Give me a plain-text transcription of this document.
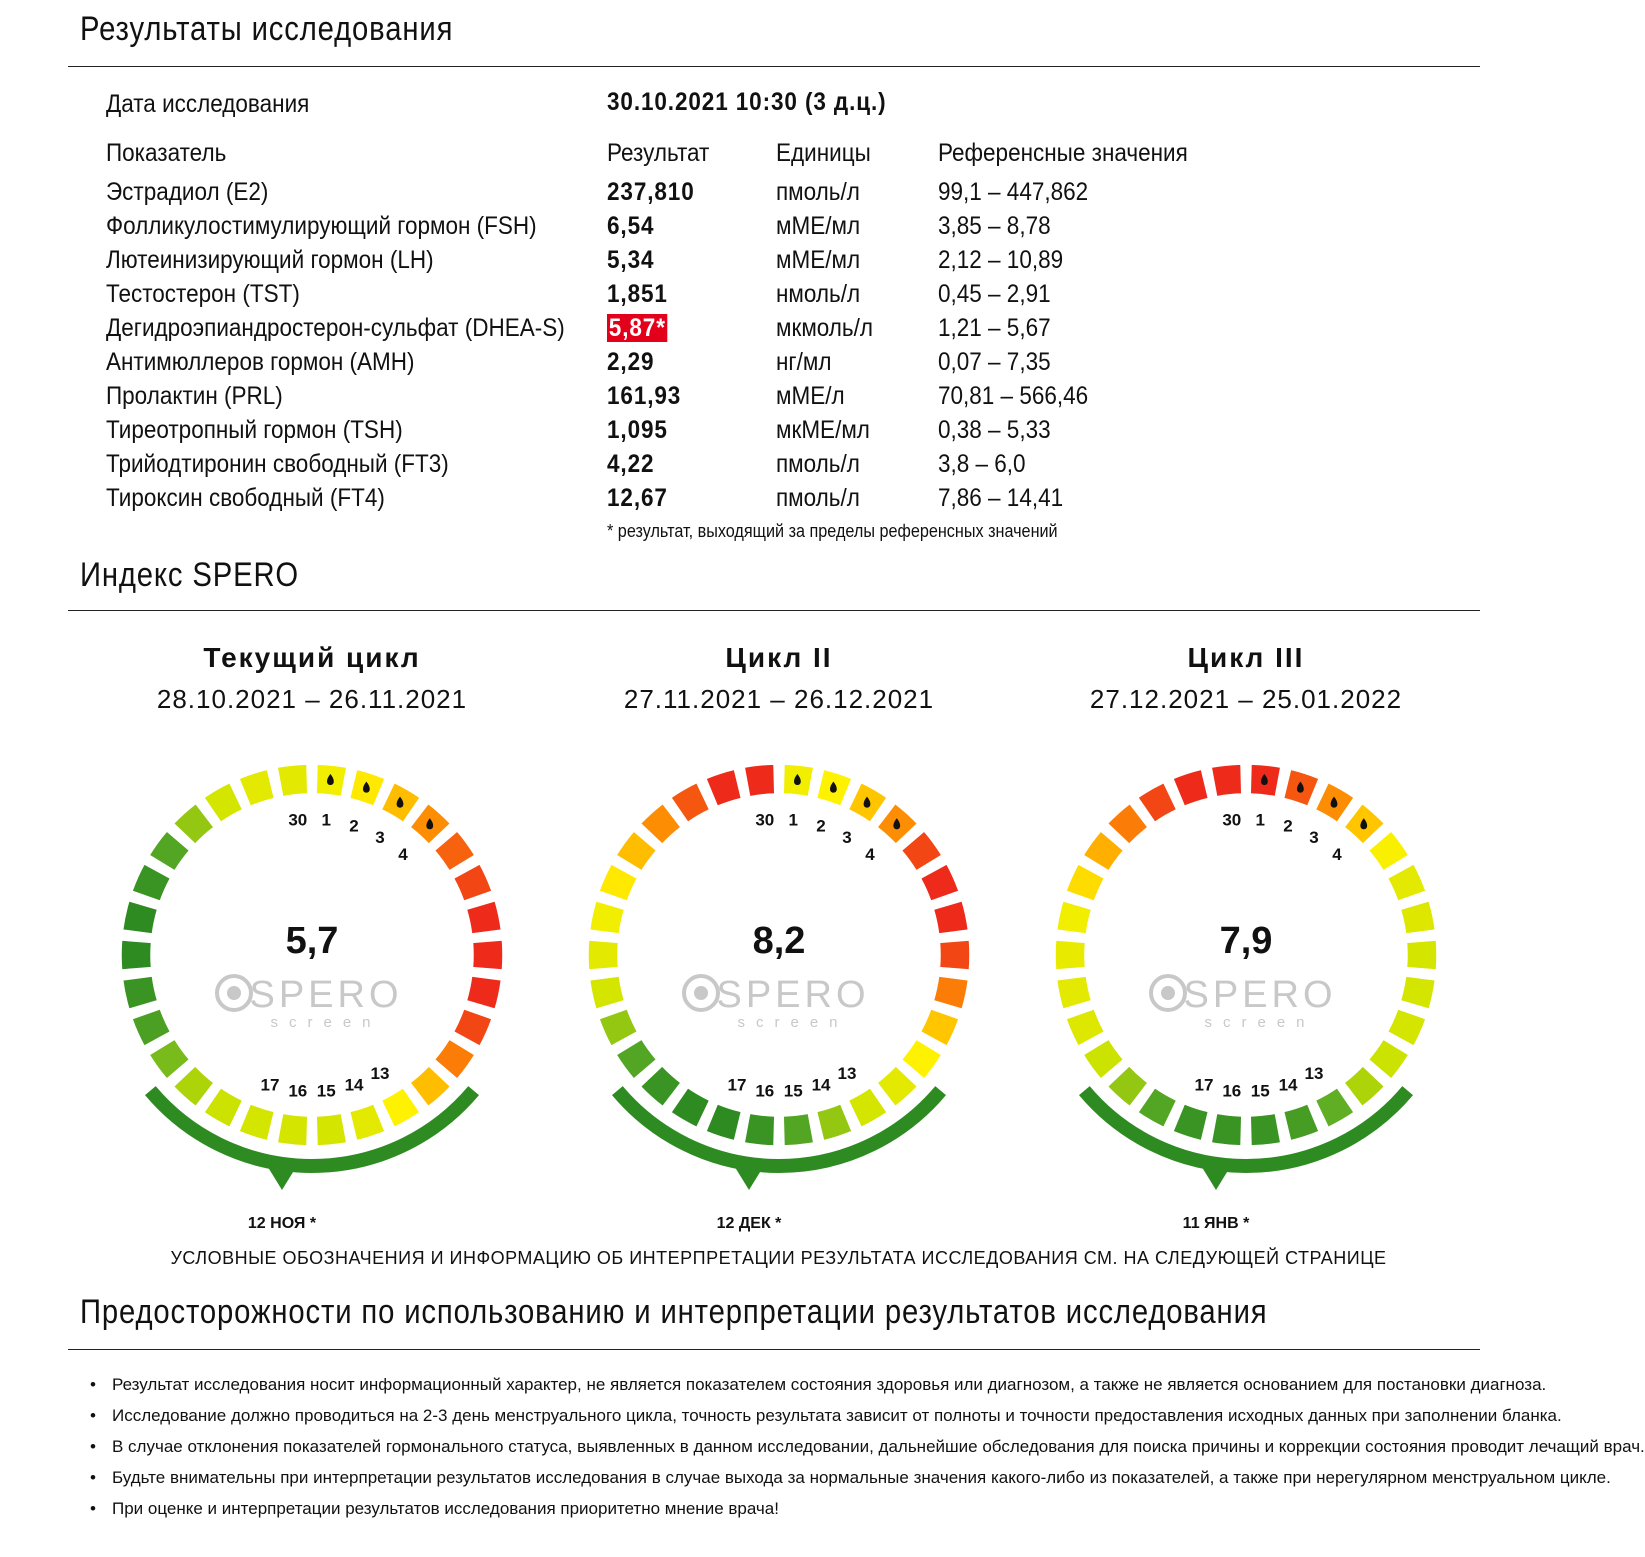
Результаты исследования
Дата исследования	30.10.2021 10:30 (3 д.ц.)
Показатель	Результат	Единицы	Референсные значения
Эстрадиол (E2)	237,810	пмоль/л	99,1 – 447,862
Фолликулостимулирующий гормон (FSH)	6,54	мМЕ/мл	3,85 – 8,78
Лютеинизирующий гормон (LH)	5,34	мМЕ/мл	2,12 – 10,89
Тестостерон (TST)	1,851	нмоль/л	0,45 – 2,91
Дегидроэпиандростерон-сульфат (DHEA-S) 5,87*	мкмоль/л	1,21 – 5,67
Антимюллеров гормон (AMH)	2,29	нг/мл	0,07 – 7,35
Пролактин (PRL)	161,93	мМЕ/л	70,81 – 566,46
Тиреотропный гормон (TSH)	1,095	мкМЕ/мл	0,38 – 5,33
Трийодтиронин свободный (FT3)	4,22	пмоль/л	3,8 – 6,0
Тироксин свободный (FT4)	12,67	пмоль/л	7,86 – 14,41
* результат, выходящий за пределы референсных значений
Индекс SPERO
Текущий цикл
28.10.2021 – 26.11.2021
1 2
3
4
30
13
14
15
16
17
5,7
SPERO
screen
12 НОЯ *
Цикл II
27.11.2021 – 26.12.2021
1 2
3
4
30
13
14
15
16
17
8,2
SPERO
screen
12 ДЕК *
Цикл III
27.12.2021 – 25.01.2022
1 2
3
4
30
13
14
15
16
17
7,9
SPERO
screen
11 ЯНВ *
УСЛОВНЫЕ ОБОЗНАЧЕНИЯ И ИНФОРМАЦИЮ ОБ ИНТЕРПРЕТАЦИИ РЕЗУЛЬТАТА ИССЛЕДОВАНИЯ СМ. НА СЛЕДУЮЩЕЙ СТРАНИЦЕ
Предосторожности по использованию и интерпретации результатов исследования
• Результат исследования носит информационный характер, не является показателем состояния здоровья или диагнозом, а также не является основанием для постановки диагноза.
• Исследование должно проводиться на 2-3 день менструального цикла, точность результата зависит от полноты и точности предоставления исходных данных при заполнении бланка.
• В случае отклонения показателей гормонального статуса, выявленных в данном исследовании, дальнейшие обследования для поиска причины и коррекции состояния проводит лечащий врач.
• Будьте внимательны при интерпретации результатов исследования в случае выхода за нормальные значения какого-либо из показателей, а также при нерегулярном менструальном цикле.
• При оценке и интерпретации результатов исследования приоритетно мнение врача!
